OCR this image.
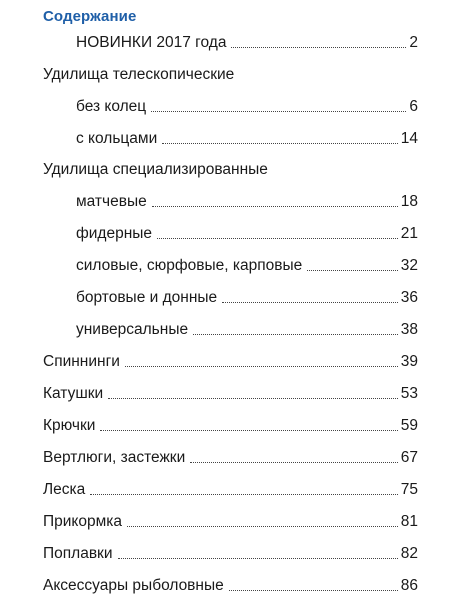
Содержание
НОВИНКИ 2017 года	2
Удилища телескопические
без колец	6
с кольцами	14
Удилища специализированные
матчевые	18
фидерные	21
силовые, сюрфовые, карповые	32
бортовые и донные	36
универсальные	38
Спиннинги	39
Катушки	53
Крючки	59
Вертлюги, застежки	67
Леска	75
Прикормка	81
Поплавки	82
Аксессуары рыболовные	86
